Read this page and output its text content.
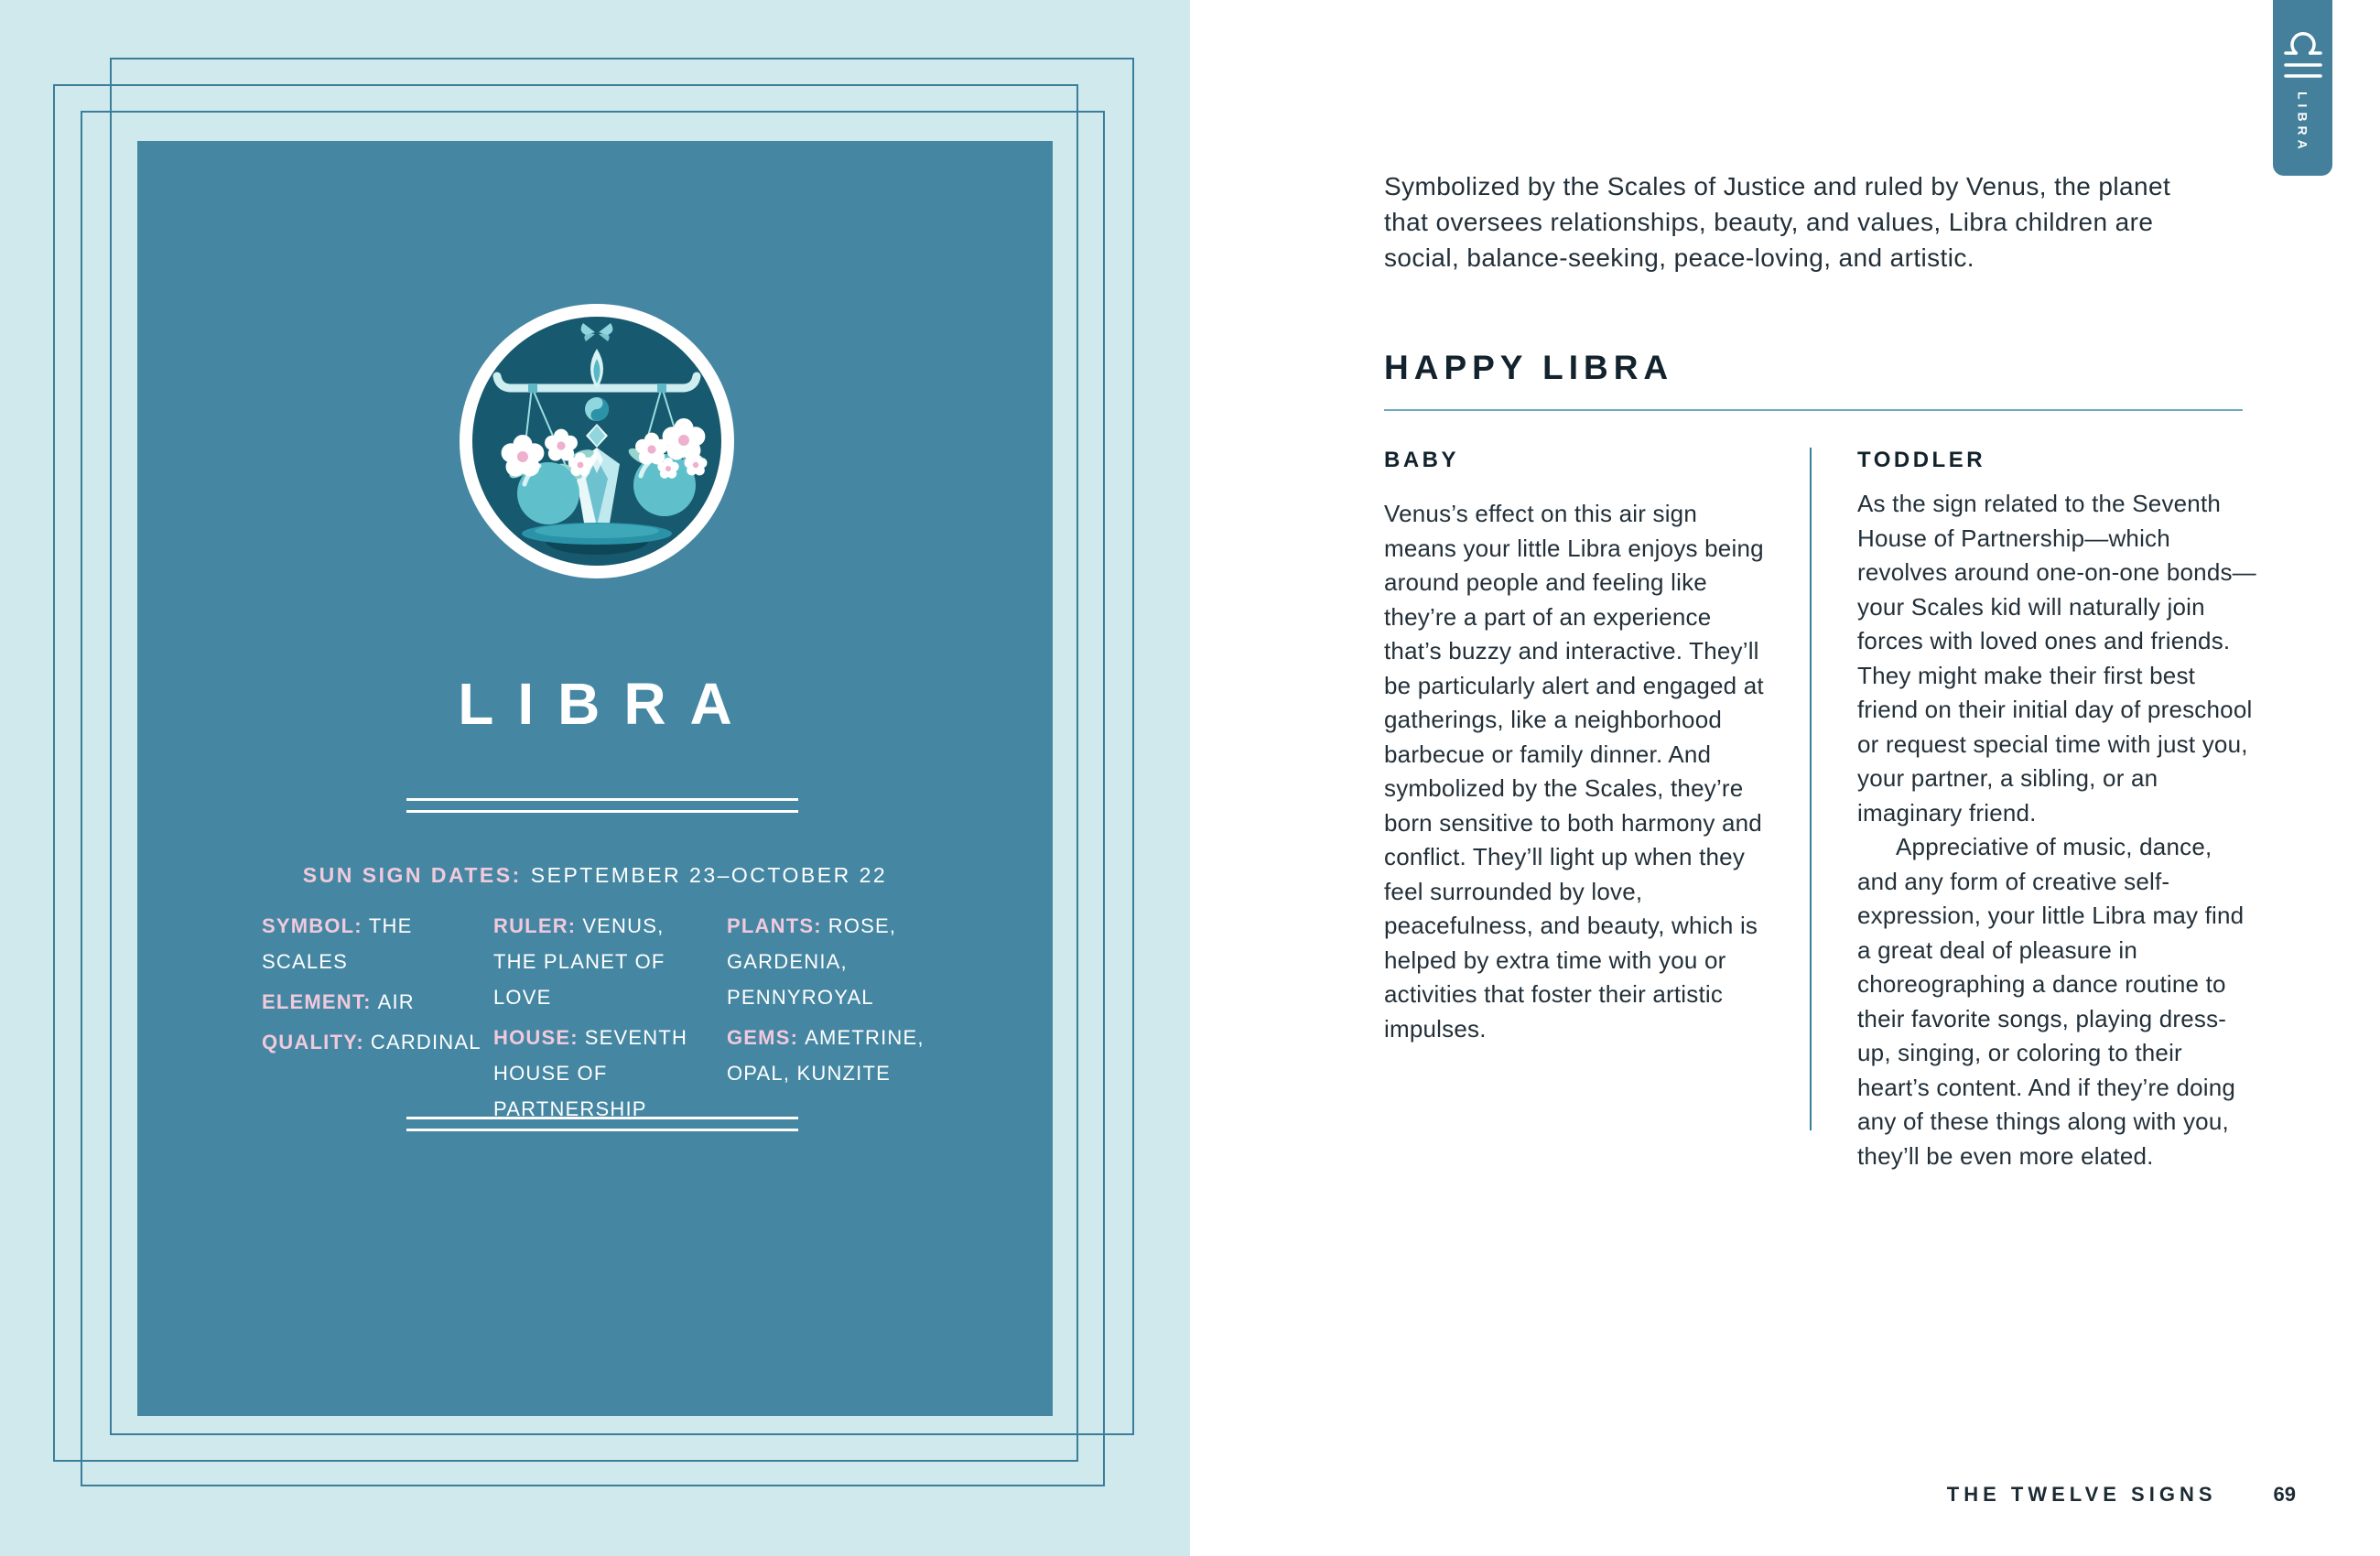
LIBRA
SUN SIGN DATES: SEPTEMBER 23–OCTOBER 22
SYMBOL: THE SCALES
ELEMENT: AIR
QUALITY: CARDINAL
RULER: VENUS, THE PLANET OF LOVE
HOUSE: SEVENTH HOUSE OF PARTNERSHIP
PLANTS: ROSE, GARDENIA, PENNYROYAL
GEMS: AMETRINE, OPAL, KUNZITE
LIBRA

Symbolized by the Scales of Justice and ruled by Venus, the planet that oversees relationships, beauty, and values, Libra children are social, balance-seeking, peace-loving, and artistic.

HAPPY LIBRA
BABY

Venus’s effect on this air sign means your little Libra enjoys being around people and feeling like they’re a part of an experience that’s buzzy and interactive. They’ll be particularly alert and engaged at gatherings, like a neighborhood barbecue or family dinner. And symbolized by the Scales, they’re born sensitive to both harmony and conflict. They’ll light up when they feel surrounded by love, peacefulness, and beauty, which is helped by extra time with you or activities that foster their artistic impulses.

TODDLER

As the sign related to the Seventh House of Partnership—which revolves around one-on-one bonds—your Scales kid will naturally join forces with loved ones and friends. They might make their first best friend on their initial day of preschool or request special time with just you, your partner, a sibling, or an imaginary friend.

Appreciative of music, dance, and any form of creative self-expression, your little Libra may find a great deal of pleasure in choreographing a dance routine to their favorite songs, playing dress-up, singing, or coloring to their heart’s content. And if they’re doing any of these things along with you, they’ll be even more elated.

THE TWELVE SIGNS	69
